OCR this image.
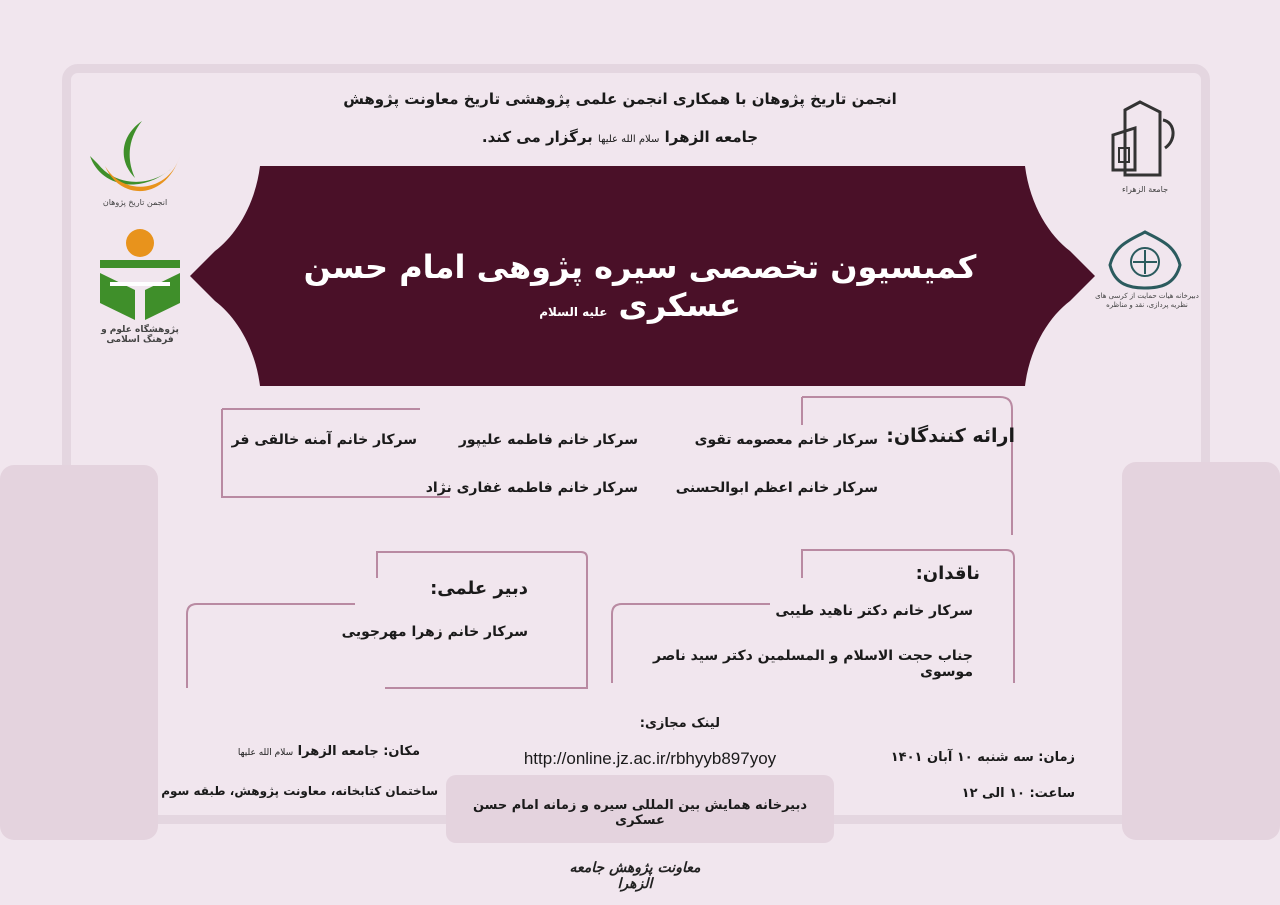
انجمن تاریخ پژوهان با همکاری انجمن علمی پژوهشی تاریخ معاونت پژوهش
جامعه الزهرا سلام الله علیها برگزار می کند.
کمیسیون تخصصی سیره پژوهی امام حسن عسکری علیه السلام
انجمن تاریخ پژوهان
پژوهشگاه علوم و فرهنگ اسلامی
جامعة الزهراء
دبیرخانه هیات حمایت از کرسی های نظریه پردازی، نقد و مناظره
ارائه کنندگان:
سرکار خانم معصومه تقوی
سرکار خانم اعظم ابوالحسنی
سرکار خانم فاطمه علیپور
سرکار خانم فاطمه غفاری نژاد
سرکار خانم آمنه خالقی فر
ناقدان:
سرکار خانم دکتر ناهید طیبی
جناب حجت الاسلام و المسلمین دکتر سید ناصر موسوی
دبیر علمی:
سرکار خانم زهرا مهرجویی
لینک مجازی:
http://online.jz.ac.ir/rbhyyb897yoy
دبیرخانه همایش بین المللی سیره و زمانه امام حسن عسکری
زمان: سه شنبه ۱۰ آبان ۱۴۰۱
ساعت: ۱۰ الی ۱۲
مکان: جامعه الزهرا سلام الله علیها
ساختمان کتابخانه، معاونت پژوهش، طبقه سوم
معاونت پژوهش جامعه الزهرا
